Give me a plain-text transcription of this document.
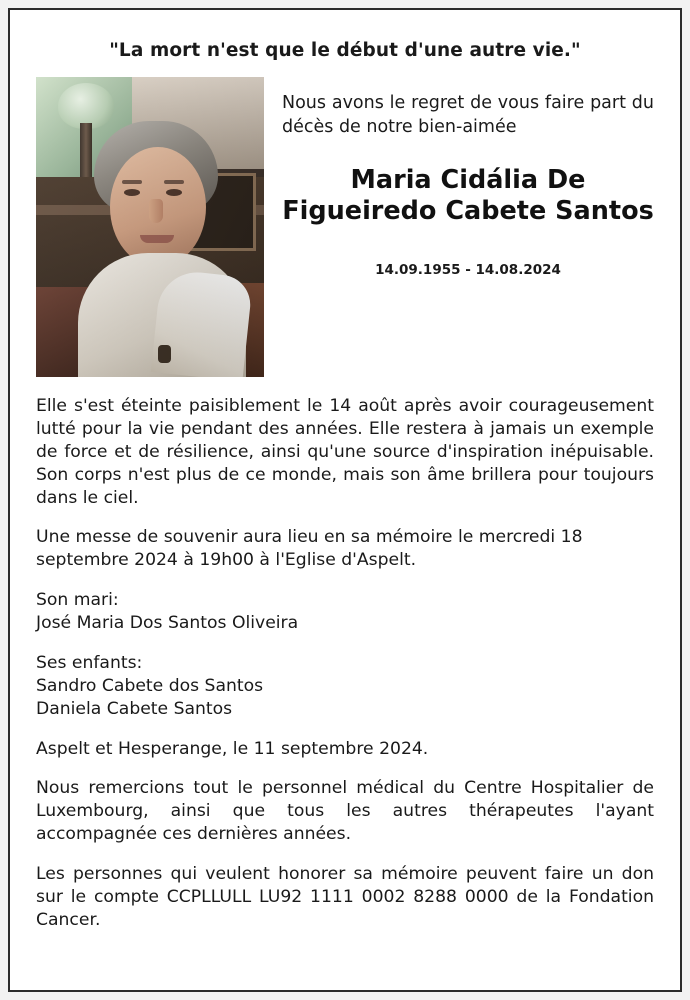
"La mort n'est que le début d'une autre vie."

Nous avons le regret de vous faire part du décès de notre bien-aimée

Maria Cidália De Figueiredo Cabete Santos
14.09.1955 - 14.08.2024

Elle s'est éteinte paisiblement le 14 août après avoir courageusement lutté pour la vie pendant des années. Elle restera à jamais un exemple de force et de résilience, ainsi qu'une source d'inspiration inépuisable. Son corps n'est plus de ce monde, mais son âme brillera pour toujours dans le ciel.

Une messe de souvenir aura lieu en sa mémoire le mercredi 18 septembre 2024 à 19h00 à l'Eglise d'Aspelt.

Son mari:
José Maria Dos Santos Oliveira

Ses enfants:
Sandro Cabete dos Santos
Daniela Cabete Santos

Aspelt et Hesperange, le 11 septembre 2024.

Nous remercions tout le personnel médical du Centre Hospitalier de Luxembourg, ainsi que tous les autres thérapeutes l'ayant accompagnée ces dernières années.

Les personnes qui veulent honorer sa mémoire peuvent faire un don sur le compte CCPLLULL LU92 1111 0002 8288 0000 de la Fondation Cancer.
